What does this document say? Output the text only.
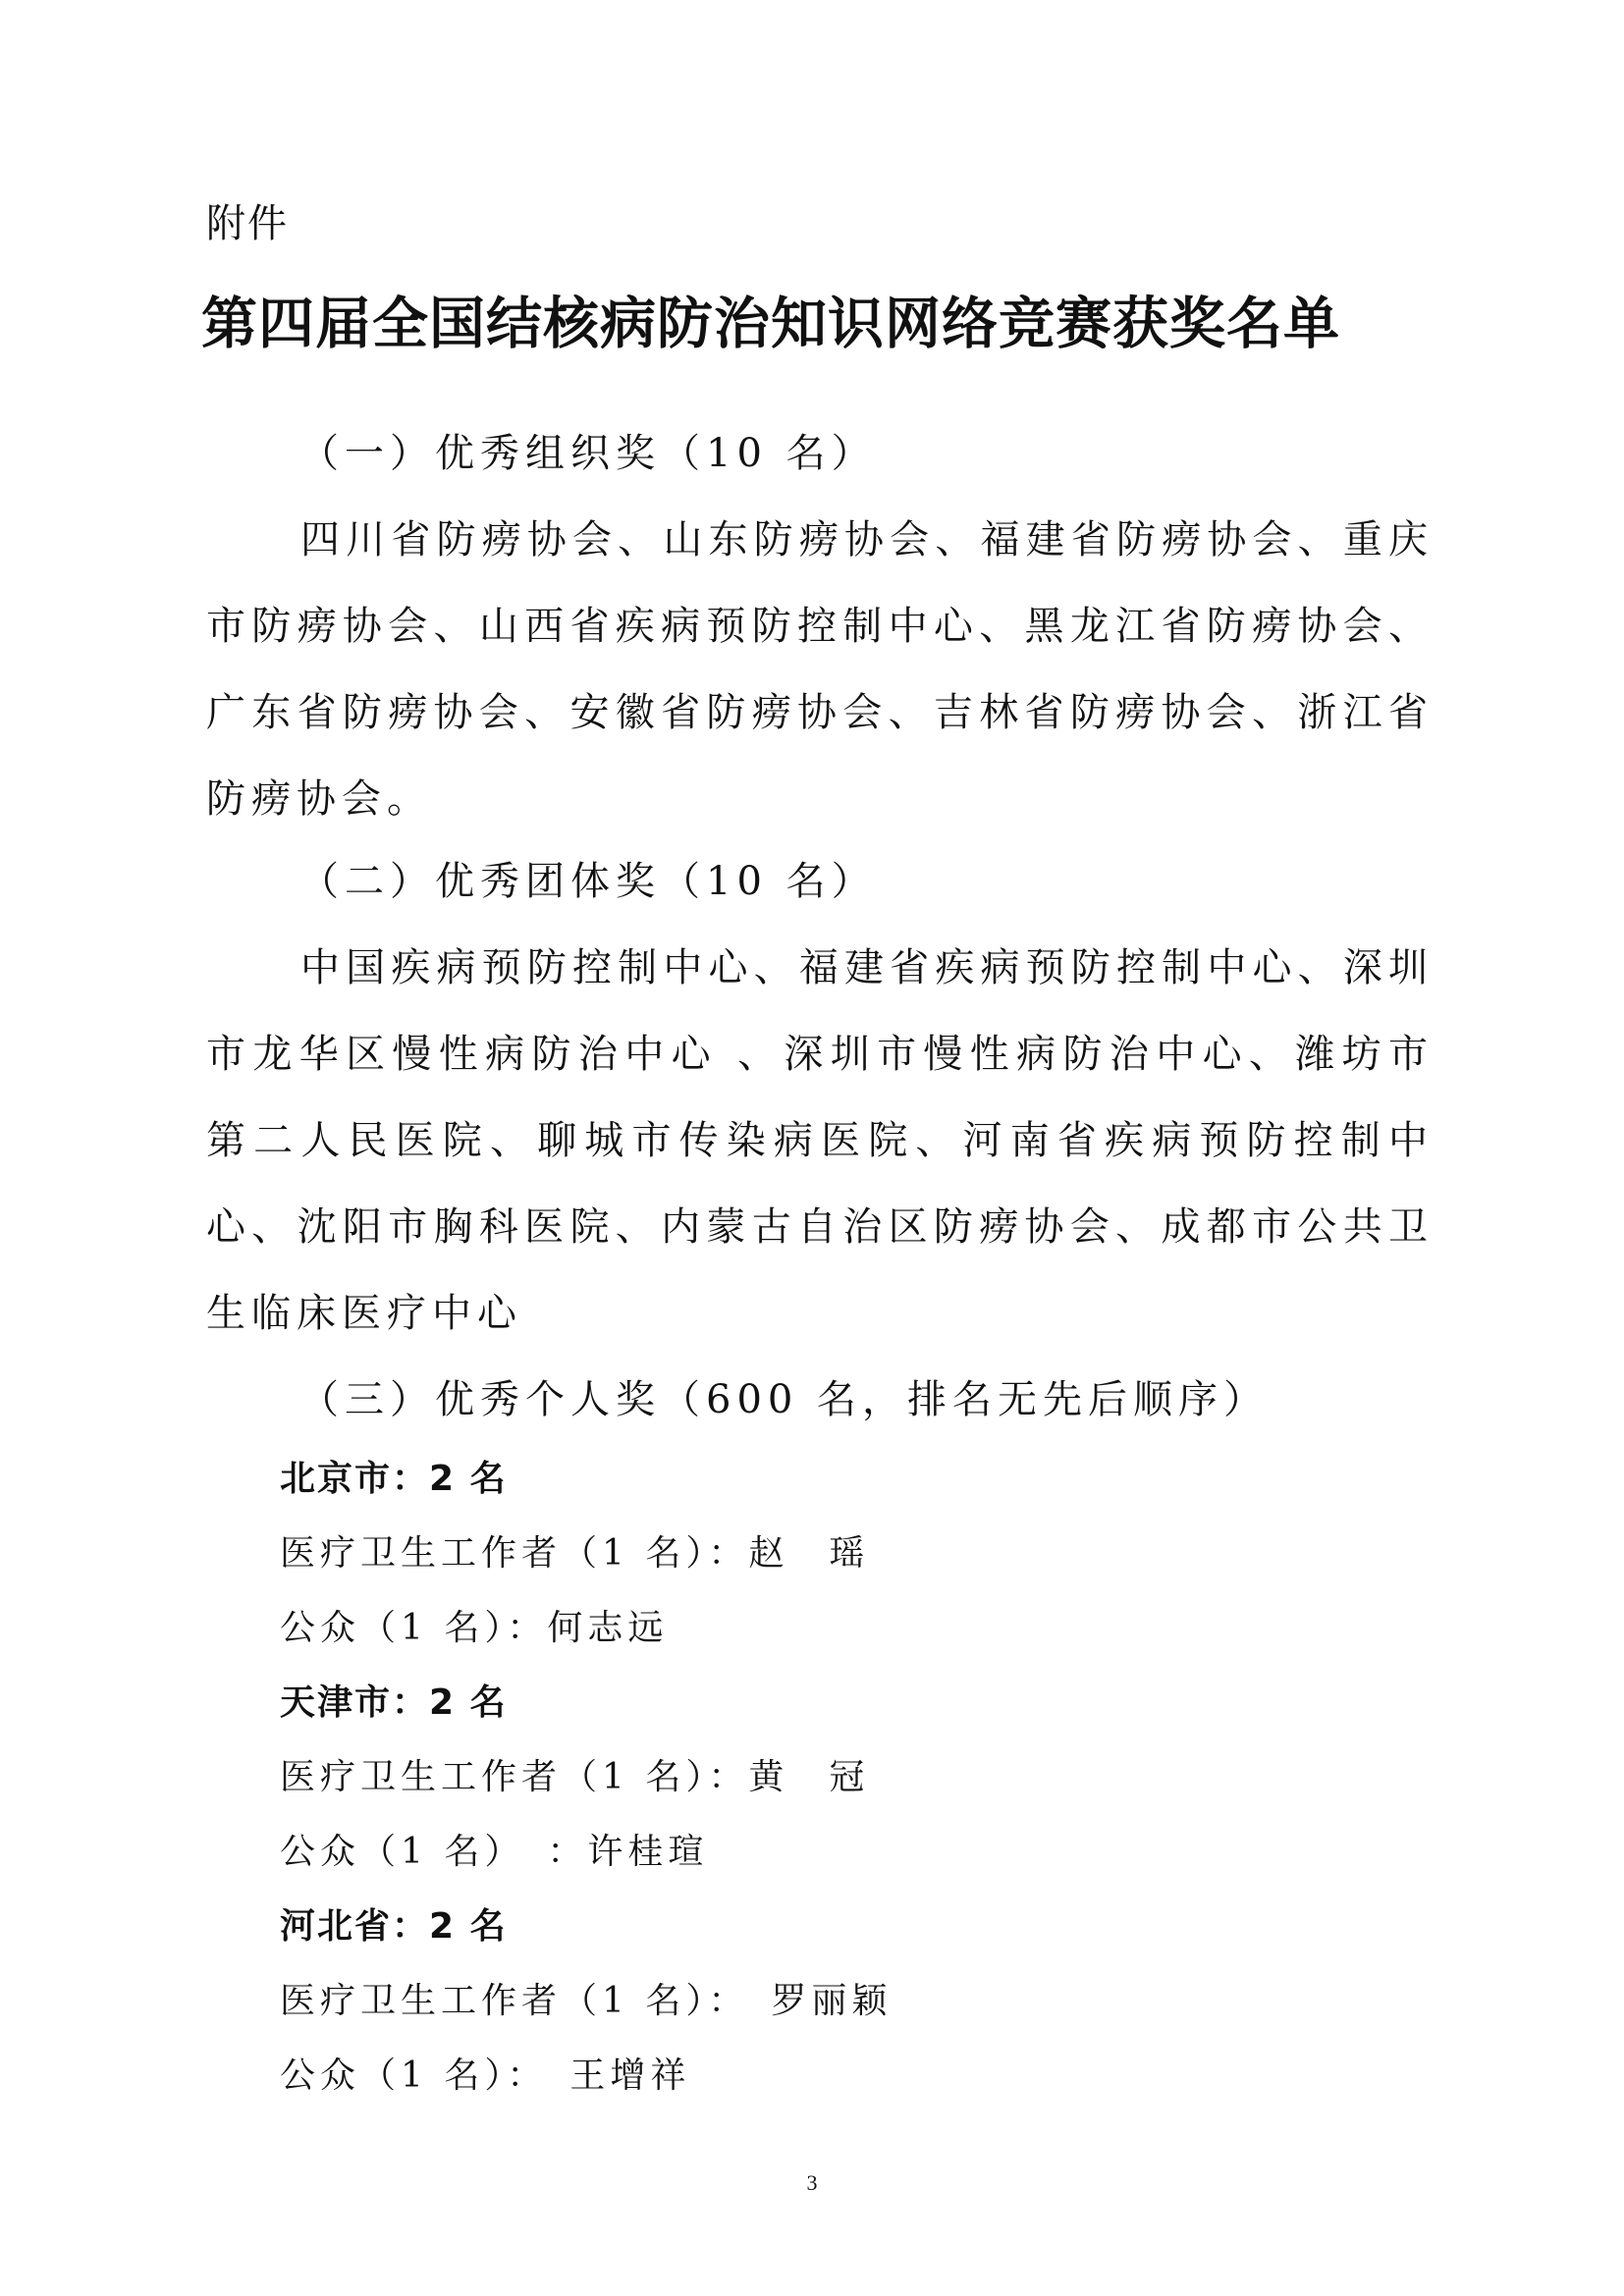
附件
第四届全国结核病防治知识网络竞赛获奖名单
（一）优秀组织奖（10 名）
四川省防痨协会、山东防痨协会、福建省防痨协会、重庆市防痨协会、山西省疾病预防控制中心、黑龙江省防痨协会、广东省防痨协会、安徽省防痨协会、吉林省防痨协会、浙江省防痨协会。
（二）优秀团体奖（10 名）
中国疾病预防控制中心、福建省疾病预防控制中心、深圳市龙华区慢性病防治中心 、深圳市慢性病防治中心、潍坊市第二人民医院、聊城市传染病医院、河南省疾病预防控制中心、沈阳市胸科医院、内蒙古自治区防痨协会、成都市公共卫生临床医疗中心
（三）优秀个人奖（600 名，排名无先后顺序）
北京市：2 名
医疗卫生工作者（1 名）：赵　瑶
公众（1 名）：何志远
天津市：2 名
医疗卫生工作者（1 名）：黄　冠
公众（1 名）　：许桂瑄
河北省：2 名
医疗卫生工作者（1 名）：　罗丽颖
公众（1 名）：　王增祥
3
